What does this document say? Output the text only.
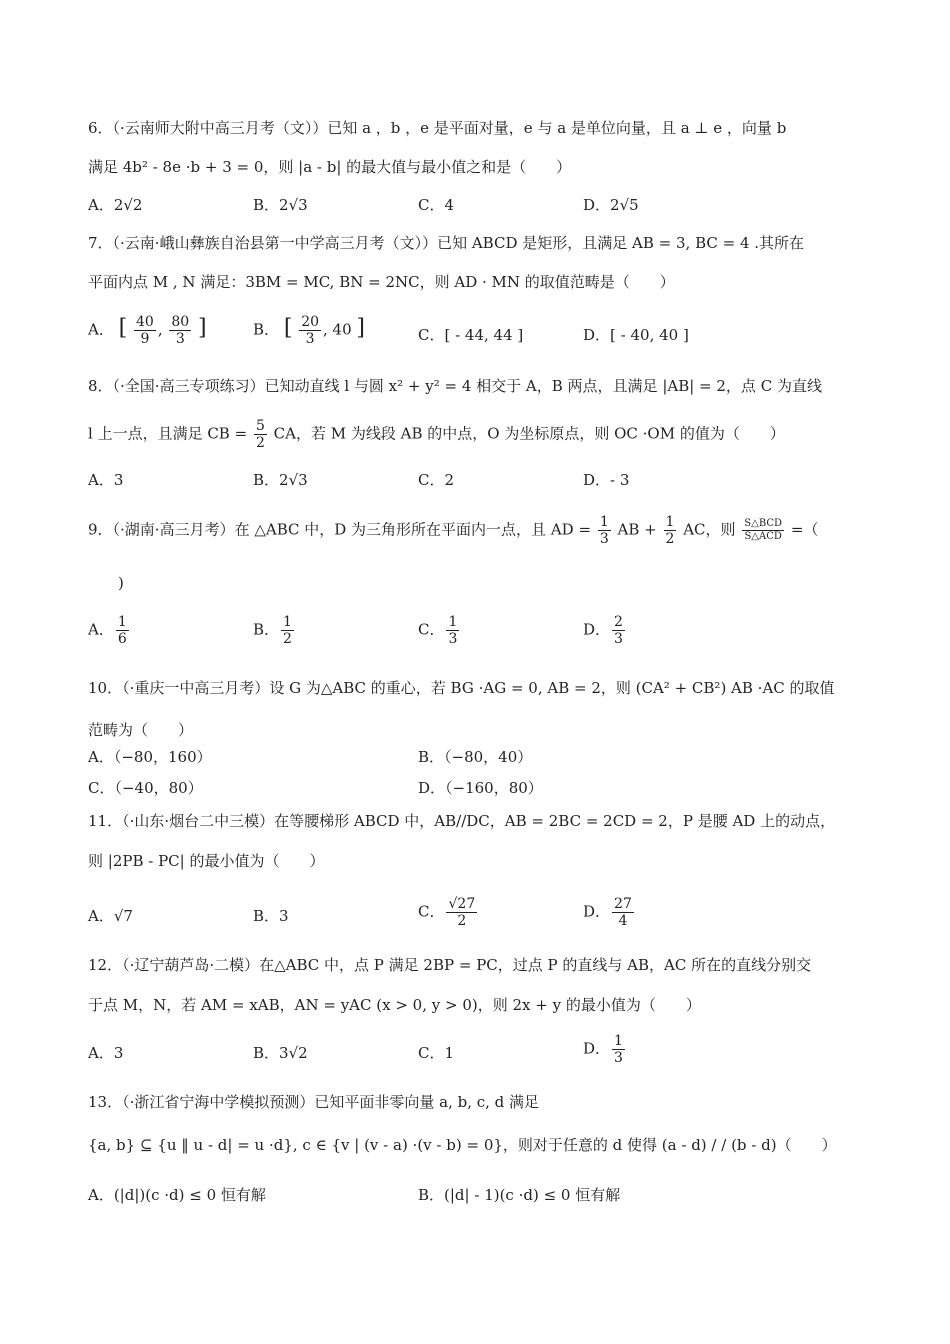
6．（·云南师大附中高三月考（文））已知 a ，b ，e 是平面对量，e 与 a 是单位向量，且 a ⊥ e ，向量 b
满足 4b² - 8e ·b + 3 = 0，则 |a - b| 的最大值与最小值之和是（　　）
A．2√2	B．2√3	C．4	D．2√5
7．（·云南·峨山彝族自治县第一中学高三月考（文））已知 ABCD 是矩形，且满足 AB = 3, BC = 4 .其所在
平面内点 M , N 满足：3BM = MC, BN = 2NC，则 AD · MN 的取值范畴是（　　）
A． [ $\frac{40}{9}$ , $\frac{80}{3}$ ]	B． [ $\frac{20}{3}$ , 40 ]	C．[ - 44, 44 ]	D．[ - 40, 40 ]
8．（·全国·高三专项练习）已知动直线 l 与圆 x² + y² = 4 相交于 A，B 两点，且满足 |AB| = 2，点 C 为直线
l 上一点，且满足 CB = $\frac{5}{2}$ CA，若 M 为线段 AB 的中点，O 为坐标原点，则 OC ·OM 的值为（　　）
A．3	B．2√3	C．2	D．- 3
9．（·湖南·高三月考）在 △ABC 中，D 为三角形所在平面内一点，且 AD = $\frac{1}{3}$ AB + $\frac{1}{2}$ AC，则 $\frac{\text{S△BCD}}{\text{S△ACD}}$ =（
)
A． $\frac{1}{6}$	B． $\frac{1}{2}$	C． $\frac{1}{3}$	D． $\frac{2}{3}$
10．（·重庆一中高三月考）设 G 为△ABC 的重心，若 BG ·AG = 0, AB = 2，则 (CA² + CB²) AB ·AC 的取值
范畴为（　　）
A．（−80，160）	B．（−80，40）
C．（−40，80）	D．（−160，80）
11．（·山东·烟台二中三模）在等腰梯形 ABCD 中，AB//DC，AB = 2BC = 2CD = 2，P 是腰 AD 上的动点，
则 |2PB - PC| 的最小值为（　　）
A．√7	B．3	C． $\frac{√27}{2}$	D． $\frac{27}{4}$
12．（·辽宁葫芦岛·二模）在△ABC 中，点 P 满足 2BP = PC，过点 P 的直线与 AB，AC 所在的直线分别交
于点 M，N，若 AM = xAB，AN = yAC (x > 0, y > 0)，则 2x + y 的最小值为（　　）
A．3	B．3√2	C．1	D． $\frac{1}{3}$
13．（·浙江省宁海中学模拟预测）已知平面非零向量 a, b, c, d 满足
{a, b} ⊆ {u ‖ u - d| = u ·d}, c ∈ {v | (v - a) ·(v - b) = 0}，则对于任意的 d 使得 (a - d) / / (b - d)（　　）
A．(|d|)(c ·d) ≤ 0 恒有解	B．(|d| - 1)(c ·d) ≤ 0 恒有解
